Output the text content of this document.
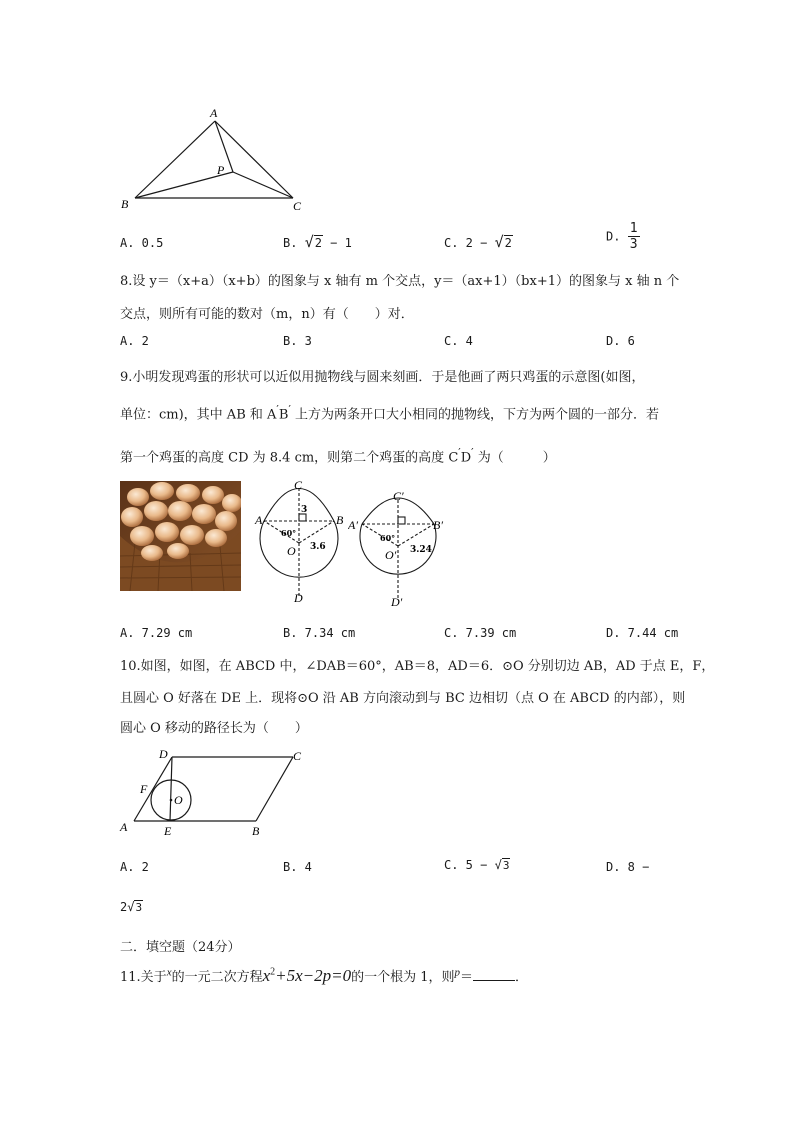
A
B	C
P
A. 0.5	B. √2 − 1	C. 2 − √2	D. $\frac{1}{3}$
8.设 y＝（x+a）（x+b）的图象与 x 轴有 m 个交点，y＝（ax+1）（bx+1）的图象与 x 轴 n 个
交点，则所有可能的数对（m，n）有（　　）对．
A. 2	B. 3	C. 4	D. 6
9.小明发现鸡蛋的形状可以近似用抛物线与圆来刻画．于是他画了两只鸡蛋的示意图(如图，
单位：cm)，其中 AB 和 A′B′ 上方为两条开口大小相同的抛物线，下方为两个圆的一部分．若
第一个鸡蛋的高度 CD 为 8.4 cm，则第二个鸡蛋的高度 C′D′ 为（　　　）
C
A	B
3
60°
3.6
O
D
C′
A′	B′
60°
3.24
O′
D′
A. 7.29 cm	B. 7.34 cm	C. 7.39 cm	D. 7.44 cm
10.如图，如图，在 ABCD 中，∠DAB＝60°，AB＝8，AD＝6．⊙O 分别切边 AB，AD 于点 E，F，
且圆心 O 好落在 DE 上．现将⊙O 沿 AB 方向滚动到与 BC 边相切（点 O 在 ABCD 的内部），则
圆心 O 移动的路径长为（　　）
D	C
F
O
A	E	B
A. 2	B. 4	C. 5 − √3	D. 8 −
2√3
二．填空题（24分）
11.关于$^x$的一元二次方程$x^2+5x-2p=0$的一个根为 1，则$^p$＝	．
